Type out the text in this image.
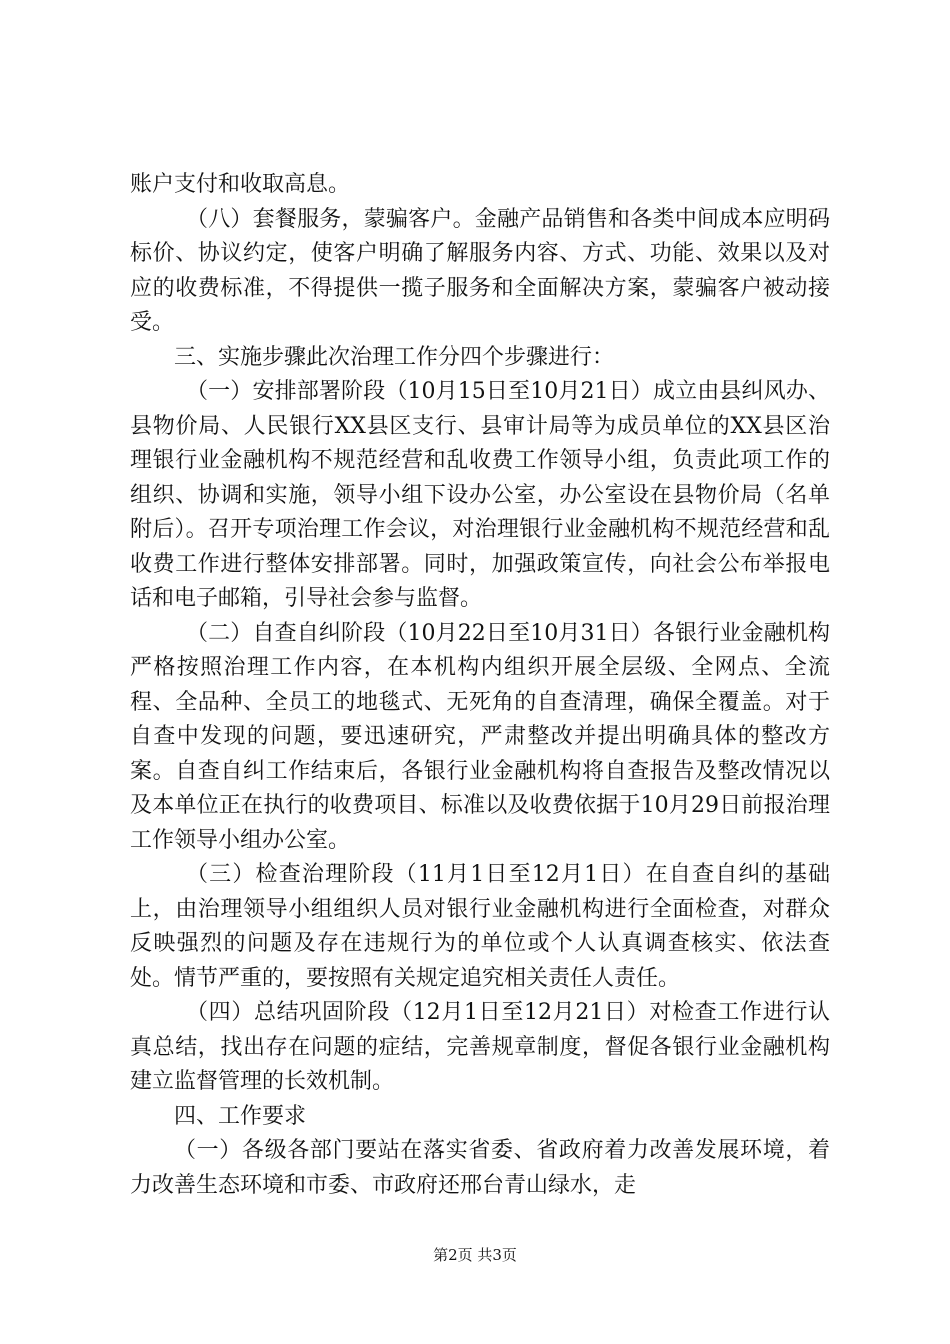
账户支付和收取高息。

（八）套餐服务，蒙骗客户。金融产品销售和各类中间成本应明码标价、协议约定，使客户明确了解服务内容、方式、功能、效果以及对应的收费标准，不得提供一揽子服务和全面解决方案，蒙骗客户被动接受。

三、实施步骤此次治理工作分四个步骤进行：

（一）安排部署阶段（10月15日至10月21日）成立由县纠风办、县物价局、人民银行XX县区支行、县审计局等为成员单位的XX县区治理银行业金融机构不规范经营和乱收费工作领导小组，负责此项工作的组织、协调和实施，领导小组下设办公室，办公室设在县物价局（名单附后）。召开专项治理工作会议，对治理银行业金融机构不规范经营和乱收费工作进行整体安排部署。同时，加强政策宣传，向社会公布举报电话和电子邮箱，引导社会参与监督。

（二）自查自纠阶段（10月22日至10月31日）各银行业金融机构严格按照治理工作内容，在本机构内组织开展全层级、全网点、全流程、全品种、全员工的地毯式、无死角的自查清理，确保全覆盖。对于自查中发现的问题，要迅速研究，严肃整改并提出明确具体的整改方案。自查自纠工作结束后，各银行业金融机构将自查报告及整改情况以及本单位正在执行的收费项目、标准以及收费依据于10月29日前报治理工作领导小组办公室。

（三）检查治理阶段（11月1日至12月1日）在自查自纠的基础上，由治理领导小组组织人员对银行业金融机构进行全面检查，对群众反映强烈的问题及存在违规行为的单位或个人认真调查核实、依法查处。情节严重的，要按照有关规定追究相关责任人责任。

（四）总结巩固阶段（12月1日至12月21日）对检查工作进行认真总结，找出存在问题的症结，完善规章制度，督促各银行业金融机构建立监督管理的长效机制。

四、工作要求

（一）各级各部门要站在落实省委、省政府着力改善发展环境，着力改善生态环境和市委、市政府还邢台青山绿水，走

第2页 共3页
